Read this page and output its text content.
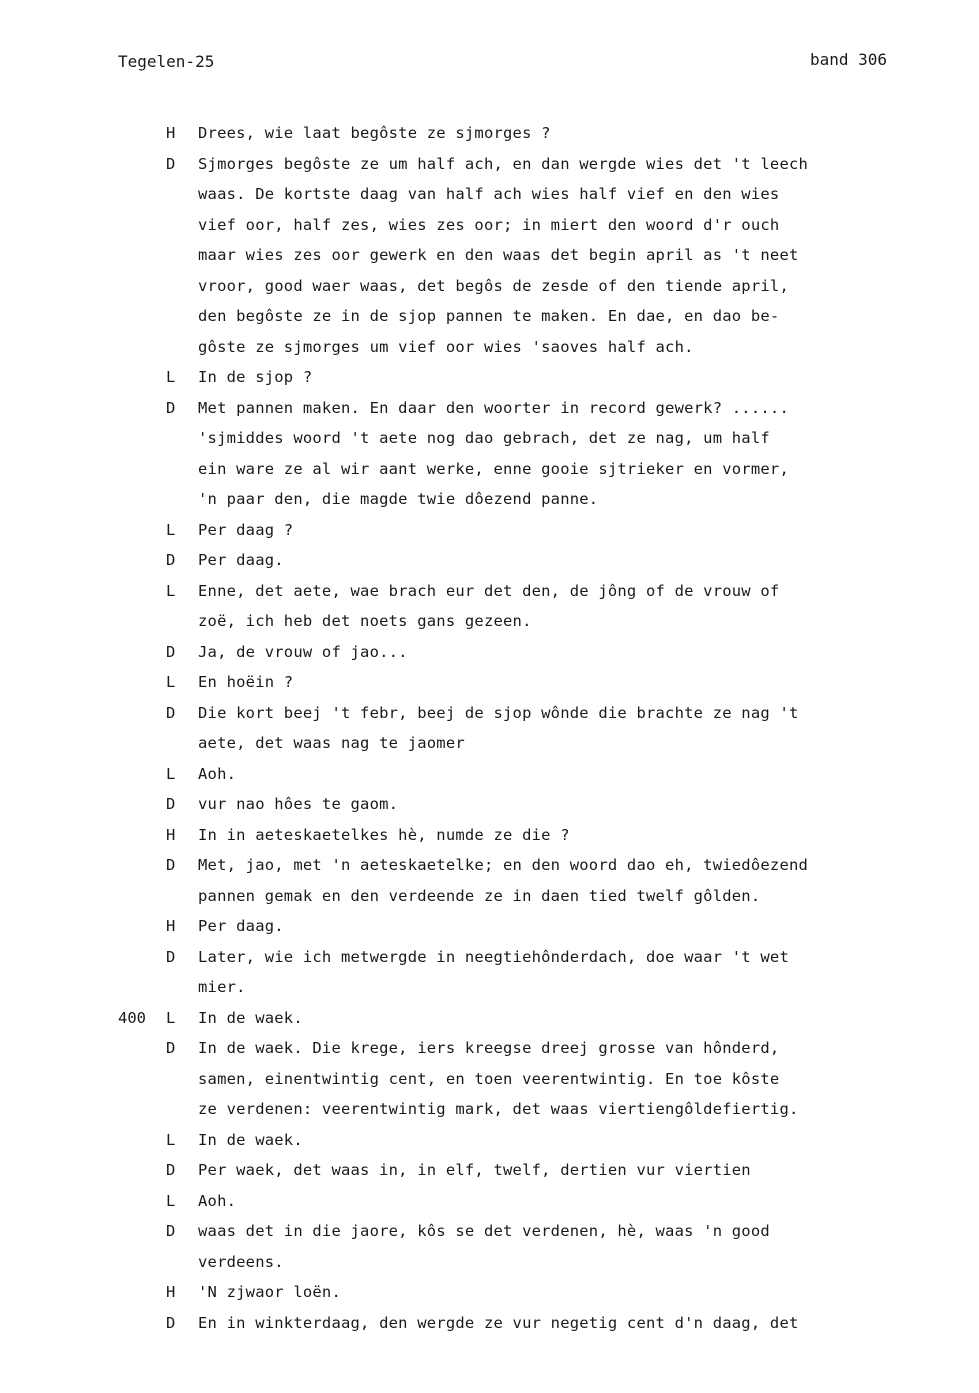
Tegelen-25	band 306
H	Drees, wie laat begôste ze sjmorges ?
D	Sjmorges begôste ze um half ach, en dan wergde wies det 't leech
waas. De kortste daag van half ach wies half vief en den wies
vief oor, half zes, wies zes oor; in miert den woord d'r ouch
maar wies zes oor gewerk en den waas det begin april as 't neet
vroor, good waer waas, det begôs de zesde of den tiende april,
den begôste ze in de sjop pannen te maken. En dae, en dao be-
gôste ze sjmorges um vief oor wies 'saoves half ach.
L	In de sjop ?
D	Met pannen maken. En daar den woorter in record gewerk? ......
'sjmiddes woord 't aete nog dao gebrach, det ze nag, um half
ein ware ze al wir aant werke, enne gooie sjtrieker en vormer,
'n paar den, die magde twie dôezend panne.
L	Per daag ?
D	Per daag.
L	Enne, det aete, wae brach eur det den, de jông of de vrouw of
zoë, ich heb det noets gans gezeen.
D	Ja, de vrouw of jao...
L	En hoëin ?
D	Die kort beej 't febr, beej de sjop wônde die brachte ze nag 't
aete, det waas nag te jaomer
L	Aoh.
D	vur nao hôes te gaom.
H	In in aeteskaetelkes hè, numde ze die ?
D	Met, jao, met 'n aeteskaetelke; en den woord dao eh, twiedôezend
pannen gemak en den verdeende ze in daen tied twelf gôlden.
H	Per daag.
D	Later, wie ich metwergde in neegtiehônderdach, doe waar 't wet
mier.
400	L	In de waek.
D	In de waek. Die krege, iers kreegse dreej grosse van hônderd,
samen, einentwintig cent, en toen veerentwintig. En toe kôste
ze verdenen: veerentwintig mark, det waas viertiengôldefiertig.
L	In de waek.
D	Per waek, det waas in, in elf, twelf, dertien vur viertien
L	Aoh.
D	waas det in die jaore, kôs se det verdenen, hè, waas 'n good
verdeens.
H	'N zjwaor loën.
D	En in winkterdaag, den wergde ze vur negetig cent d'n daag, det
